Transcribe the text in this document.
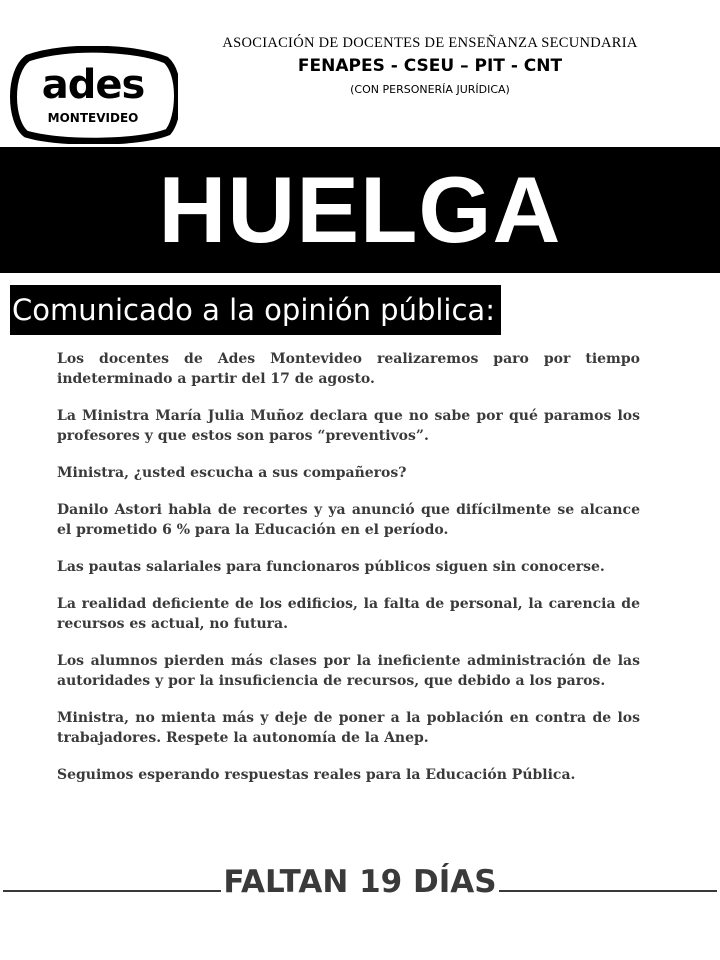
ades
MONTEVIDEO
ASOCIACIÓN DE DOCENTES DE ENSEÑANZA SECUNDARIA
FENAPES - CSEU – PIT - CNT
(CON PERSONERÍA JURÍDICA)
HUELGA
Comunicado a la opinión pública:

Los docentes de Ades Montevideo realizaremos paro por tiempo indeterminado a partir del 17 de agosto.

La Ministra María Julia Muñoz declara que no sabe por qué paramos los profesores y que estos son paros “preventivos”.

Ministra, ¿usted escucha a sus compañeros?

Danilo Astori habla de recortes y ya anunció que difícilmente se alcance el prometido 6 % para la Educación en el período.

Las pautas salariales para funcionaros públicos siguen sin conocerse.

La realidad deficiente de los edificios, la falta de personal, la carencia de recursos es actual, no futura.

Los alumnos pierden más clases por la ineficiente administración de las autoridades y por la insuficiencia de recursos, que debido a los paros.

Ministra, no mienta más y deje de poner a la población en contra de los trabajadores. Respete la autonomía de la Anep.

Seguimos esperando respuestas reales para la Educación Pública.

FALTAN 19 DÍAS
